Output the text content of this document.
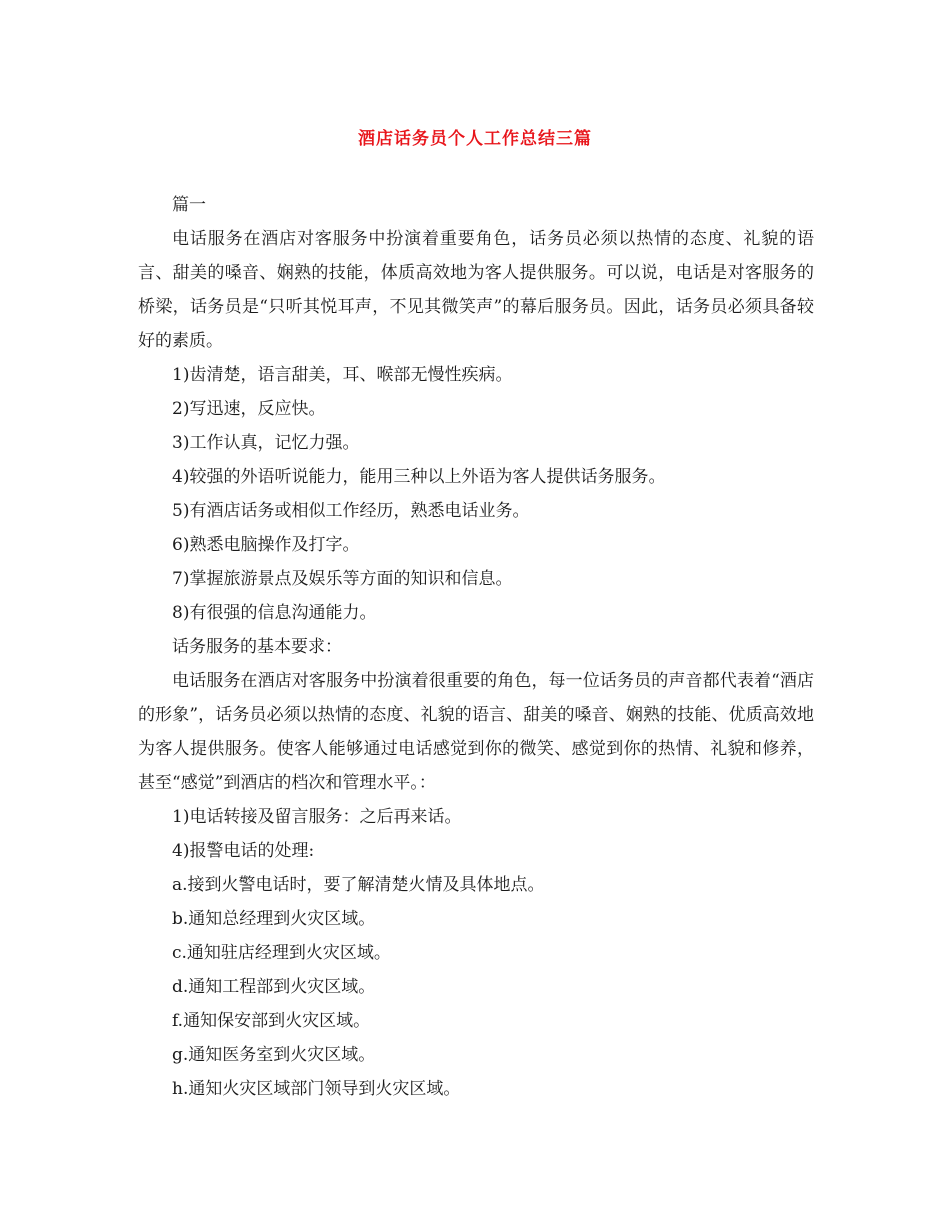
酒店话务员个人工作总结三篇

篇一

电话服务在酒店对客服务中扮演着重要角色，话务员必须以热情的态度、礼貌的语言、甜美的嗓音、娴熟的技能，体质高效地为客人提供服务。可以说，电话是对客服务的桥梁，话务员是“只听其悦耳声，不见其微笑声”的幕后服务员。因此，话务员必须具备较好的素质。

1)齿清楚，语言甜美，耳、喉部无慢性疾病。

2)写迅速，反应快。

3)工作认真，记忆力强。

4)较强的外语听说能力，能用三种以上外语为客人提供话务服务。

5)有酒店话务或相似工作经历，熟悉电话业务。

6)熟悉电脑操作及打字。

7)掌握旅游景点及娱乐等方面的知识和信息。

8)有很强的信息沟通能力。

话务服务的基本要求：

电话服务在酒店对客服务中扮演着很重要的角色，每一位话务员的声音都代表着“酒店的形象”，话务员必须以热情的态度、礼貌的语言、甜美的嗓音、娴熟的技能、优质高效地为客人提供服务。使客人能够通过电话感觉到你的微笑、感觉到你的热情、礼貌和修养，甚至“感觉”到酒店的档次和管理水平。：

1)电话转接及留言服务：之后再来话。

4)报警电话的处理:

a.接到火警电话时，要了解清楚火情及具体地点。

b.通知总经理到火灾区域。

c.通知驻店经理到火灾区域。

d.通知工程部到火灾区域。

f.通知保安部到火灾区域。

g.通知医务室到火灾区域。

h.通知火灾区域部门领导到火灾区域。
